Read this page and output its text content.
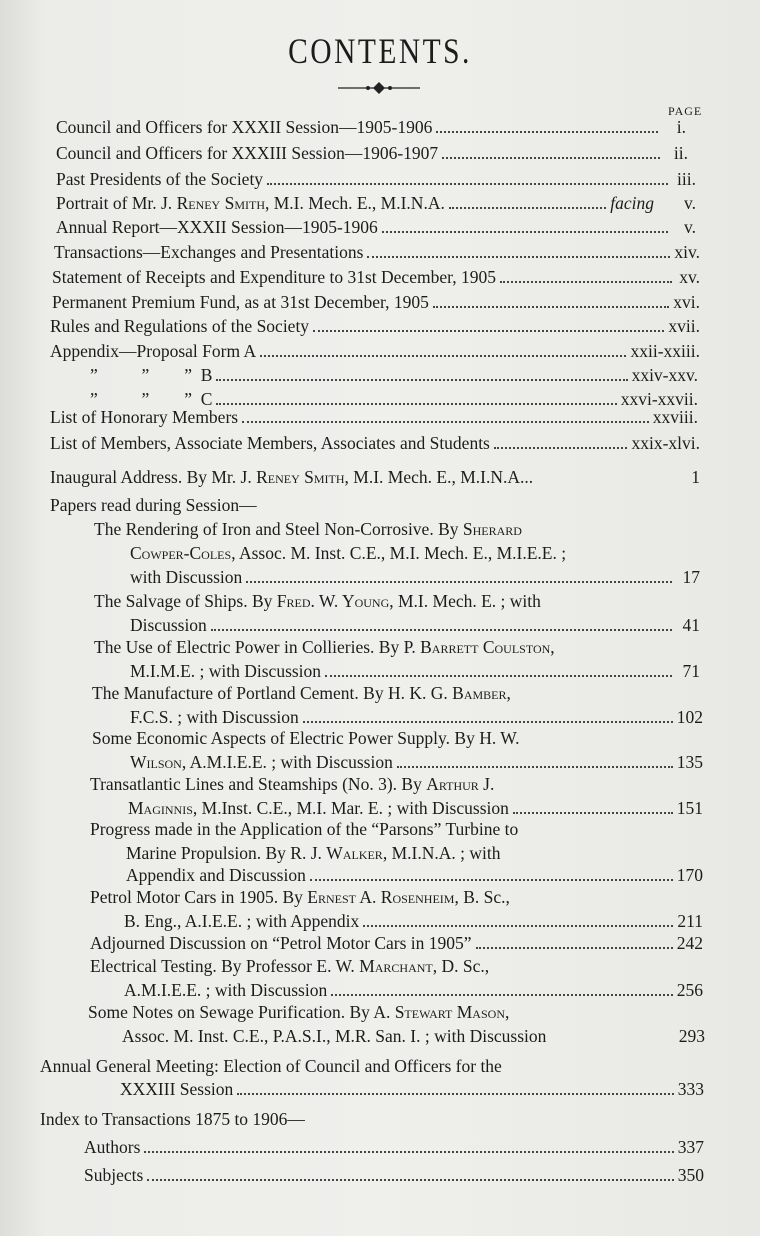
CONTENTS.
PAGE
Council and Officers for XXXII Session—1905-1906	i.
Council and Officers for XXXIII Session—1906-1907	ii.
Past Presidents of the Society	iii.
Portrait of Mr. J. Reney Smith, M.I. Mech. E., M.I.N.A.	facing	v.
Annual Report—XXXII Session—1905-1906	v.
Transactions—Exchanges and Presentations	xiv.
Statement of Receipts and Expenditure to 31st December, 1905	xv.
Permanent Premium Fund, as at 31st December, 1905	xvi.
Rules and Regulations of the Society	xvii.
Appendix—Proposal Form A	xxii-xxiii.
”          ”        ”  B	xxiv-xxv.
”          ”        ”  C	xxvi-xxvii.
List of Honorary Members	xxviii.
List of Members, Associate Members, Associates and Students	xxix-xlvi.
Inaugural Address. By Mr. J. Reney Smith, M.I. Mech. E., M.I.N.A...	1
Papers read during Session—
The Rendering of Iron and Steel Non-Corrosive. By Sherard
Cowper-Coles, Assoc. M. Inst. C.E., M.I. Mech. E., M.I.E.E. ;
with Discussion	17
The Salvage of Ships. By Fred. W. Young, M.I. Mech. E. ; with
Discussion	41
The Use of Electric Power in Collieries. By P. Barrett Coulston,
M.I.M.E. ; with Discussion	71
The Manufacture of Portland Cement. By H. K. G. Bamber,
F.C.S. ; with Discussion	102
Some Economic Aspects of Electric Power Supply. By H. W.
Wilson, A.M.I.E.E. ; with Discussion	135
Transatlantic Lines and Steamships (No. 3). By Arthur J.
Maginnis, M.Inst. C.E., M.I. Mar. E. ; with Discussion	151
Progress made in the Application of the “Parsons” Turbine to
Marine Propulsion. By R. J. Walker, M.I.N.A. ; with
Appendix and Discussion	170
Petrol Motor Cars in 1905. By Ernest A. Rosenheim, B. Sc.,
B. Eng., A.I.E.E. ; with Appendix	211
Adjourned Discussion on “Petrol Motor Cars in 1905”	242
Electrical Testing. By Professor E. W. Marchant, D. Sc.,
A.M.I.E.E. ; with Discussion	256
Some Notes on Sewage Purification. By A. Stewart Mason,
Assoc. M. Inst. C.E., P.A.S.I., M.R. San. I. ; with Discussion	293
Annual General Meeting: Election of Council and Officers for the
XXXIII Session	333
Index to Transactions 1875 to 1906—
Authors	337
Subjects	350
